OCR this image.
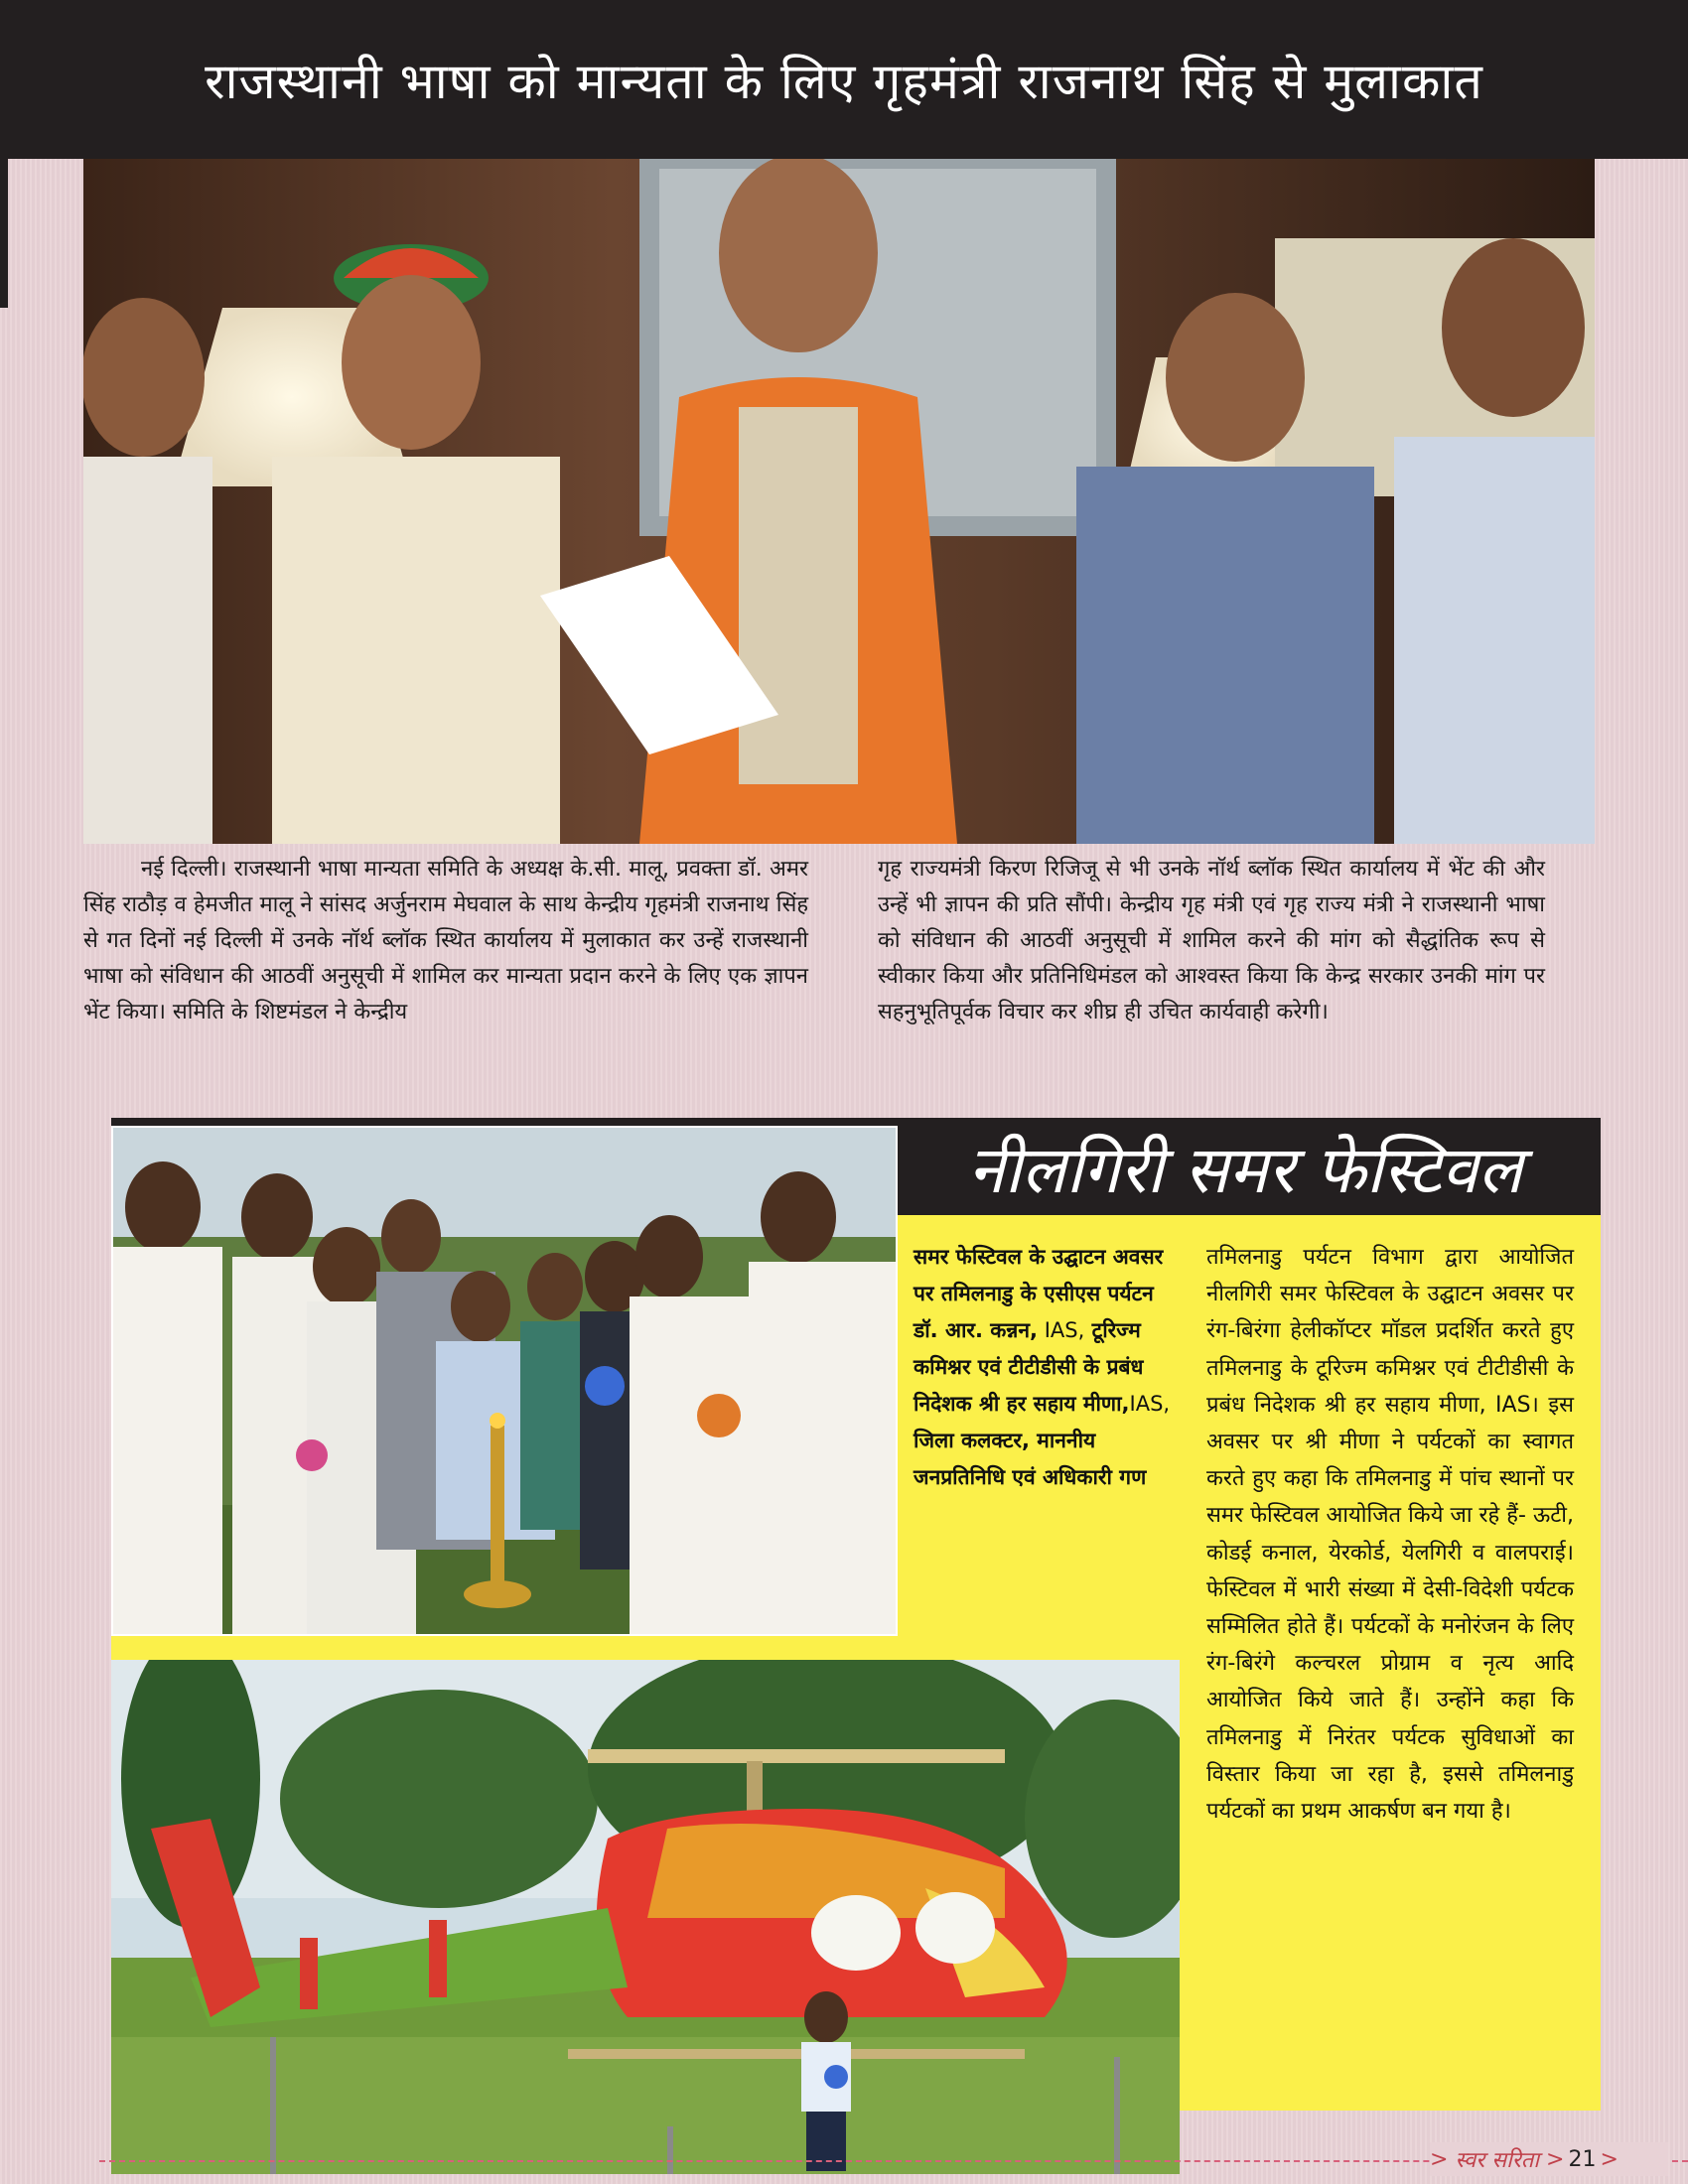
राजस्थानी भाषा को मान्यता के लिए गृहमंत्री राजनाथ सिंह से मुलाकात
नई दिल्ली। राजस्थानी भाषा मान्यता समिति के अध्यक्ष के.सी. मालू, प्रवक्ता डॉ. अमर सिंह राठौड़ व हेमजीत मालू ने सांसद अर्जुनराम मेघवाल के साथ केन्द्रीय गृहमंत्री राजनाथ सिंह से गत दिनों नई दिल्ली में उनके नॉर्थ ब्लॉक स्थित कार्यालय में मुलाकात कर उन्हें राजस्थानी भाषा को संविधान की आठवीं अनुसूची में शामिल कर मान्यता प्रदान करने के लिए एक ज्ञापन भेंट किया। समिति के शिष्टमंडल ने केन्द्रीय
गृह राज्यमंत्री किरण रिजिजू से भी उनके नॉर्थ ब्लॉक स्थित कार्यालय में भेंट की और उन्हें भी ज्ञापन की प्रति सौंपी। केन्द्रीय गृह मंत्री एवं गृह राज्य मंत्री ने राजस्थानी भाषा को संविधान की आठवीं अनुसूची में शामिल करने की मांग को सैद्धांतिक रूप से स्वीकार किया और प्रतिनिधिमंडल को आश्वस्त किया कि केन्द्र सरकार उनकी मांग पर सहनुभूतिपूर्वक विचार कर शीघ्र ही उचित कार्यवाही करेगी।
नीलगिरी समर फेस्टिवल
समर फेस्टिवल के उद्घाटन अवसर पर तमिलनाडु के एसीएस पर्यटन डॉ. आर. कन्नन, IAS, टूरिज्म कमिश्नर एवं टीटीडीसी के प्रबंध निदेशक श्री हर सहाय मीणा,IAS, जिला कलक्टर, माननीय जनप्रतिनिधि एवं अधिकारी गण
तमिलनाडु पर्यटन विभाग द्वारा आयोजित नीलगिरी समर फेस्टिवल के उद्घाटन अवसर पर रंग-बिरंगा हेलीकॉप्टर मॉडल प्रदर्शित करते हुए तमिलनाडु के टूरिज्म कमिश्नर एवं टीटीडीसी के प्रबंध निदेशक श्री हर सहाय मीणा, IAS। इस अवसर पर श्री मीणा ने पर्यटकों का स्वागत करते हुए कहा कि तमिलनाडु में पांच स्थानों पर समर फेस्टिवल आयोजित किये जा रहे हैं- ऊटी, कोडई कनाल, येरकोर्ड, येलगिरी व वालपराई। फेस्टिवल में भारी संख्या में देसी-विदेशी पर्यटक सम्मिलित होते हैं। पर्यटकों के मनोरंजन के लिए रंग-बिरंगे कल्चरल प्रोग्राम व नृत्य आदि आयोजित किये जाते हैं। उन्होंने कहा कि तमिलनाडु में निरंतर पर्यटक सुविधाओं का विस्तार किया जा रहा है, इससे तमिलनाडु पर्यटकों का प्रथम आकर्षण बन गया है।
>
स्वर सरिता
> 21 >
